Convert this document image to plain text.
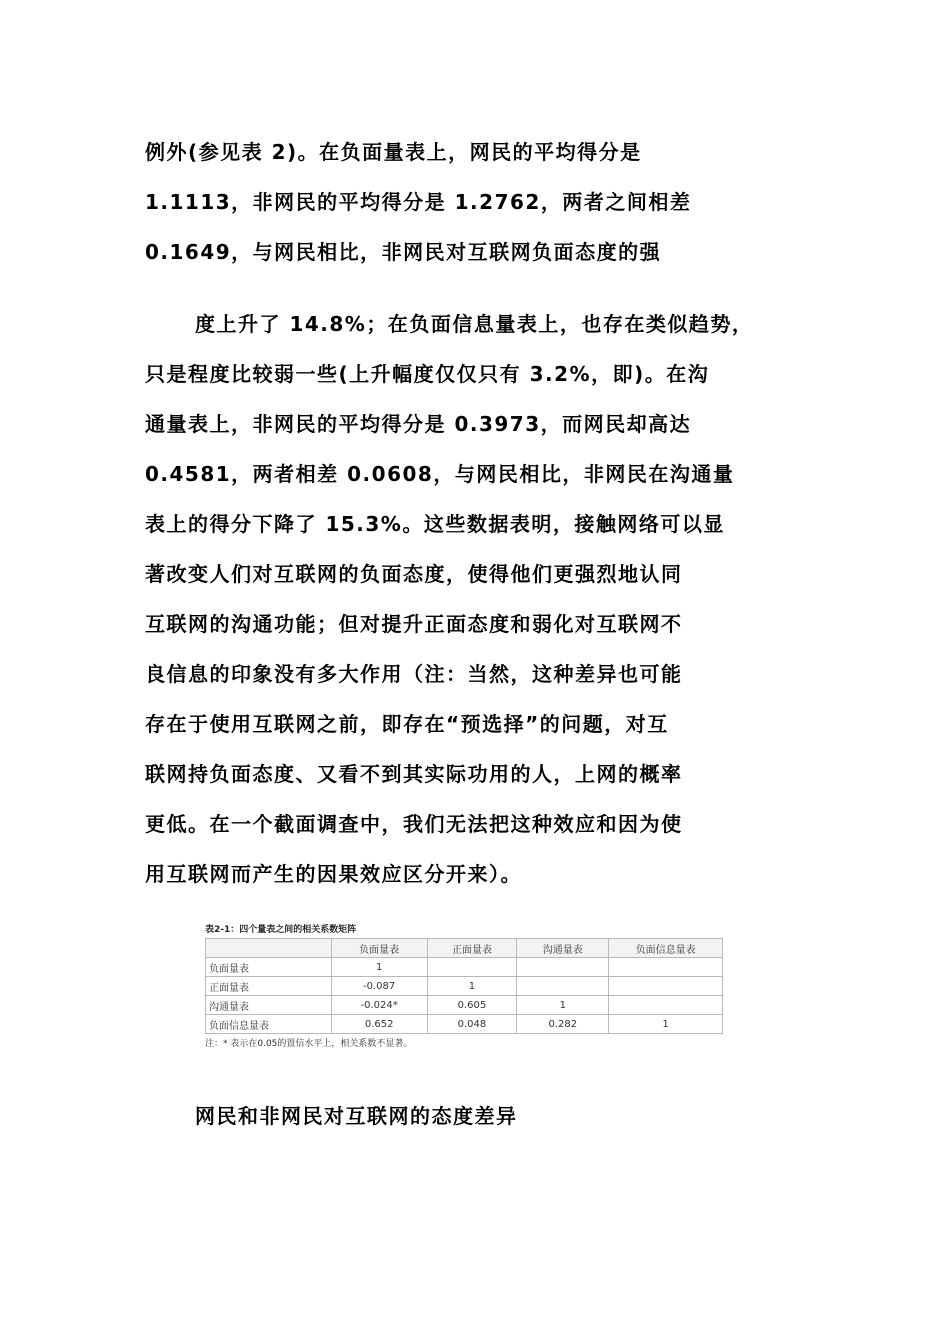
例外(参见表 2)。在负面量表上，网民的平均得分是
1.1113，非网民的平均得分是 1.2762，两者之间相差
0.1649，与网民相比，非网民对互联网负面态度的强
度上升了 14.8%；在负面信息量表上，也存在类似趋势，
只是程度比较弱一些(上升幅度仅仅只有 3.2%，即)。在沟
通量表上，非网民的平均得分是 0.3973，而网民却高达
0.4581，两者相差 0.0608，与网民相比，非网民在沟通量
表上的得分下降了 15.3%。这些数据表明，接触网络可以显
著改变人们对互联网的负面态度，使得他们更强烈地认同
互联网的沟通功能；但对提升正面态度和弱化对互联网不
良信息的印象没有多大作用（注：当然，这种差异也可能
存在于使用互联网之前，即存在“预选择”的问题，对互
联网持负面态度、又看不到其实际功用的人，上网的概率
更低。在一个截面调查中，我们无法把这种效应和因为使
用互联网而产生的因果效应区分开来）。
表2-1：四个量表之间的相关系数矩阵
	负面量表	正面量表	沟通量表	负面信息量表
负面量表	1			
正面量表	-0.087	1		
沟通量表	-0.024*	0.605	1	
负面信息量表	0.652	0.048	0.282	1
注：* 表示在0.05的置信水平上，相关系数不显著。
网民和非网民对互联网的态度差异
